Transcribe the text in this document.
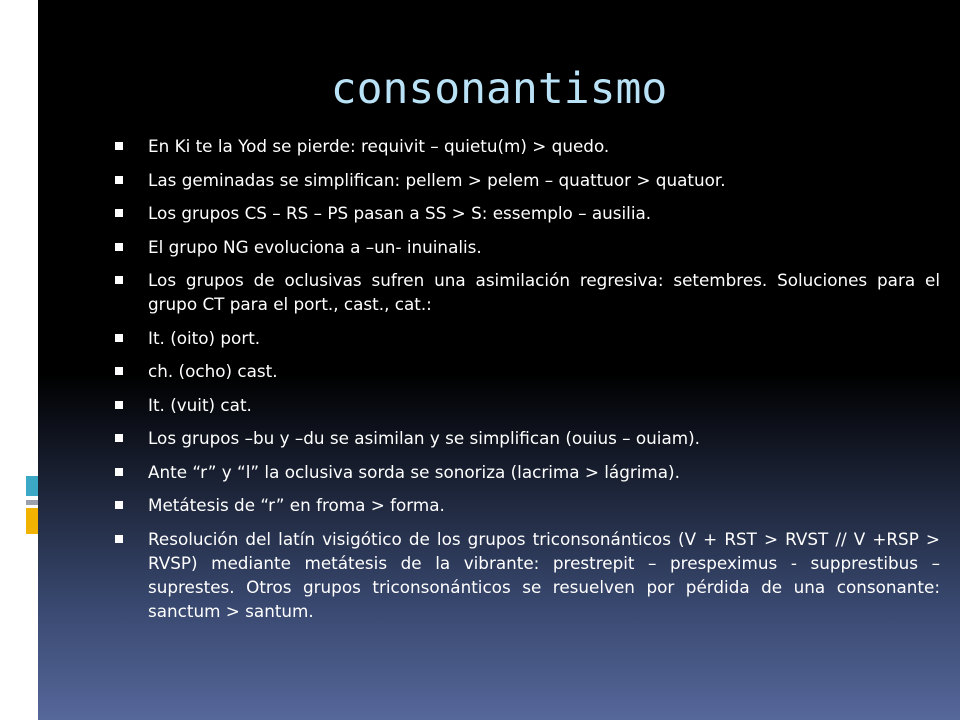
consonantismo
En Ki te la Yod se pierde: requivit – quietu(m) > quedo.
Las geminadas se simplifican: pellem > pelem – quattuor > quatuor.
Los grupos CS – RS – PS pasan a SS > S: essemplo – ausilia.
El grupo NG evoluciona a –un- inuinalis.
Los grupos de oclusivas sufren una asimilación regresiva: setembres. Soluciones para el grupo CT para el port., cast., cat.:
It. (oito) port.
ch. (ocho) cast.
It. (vuit) cat.
Los grupos –bu y –du se asimilan y se simplifican (ouius – ouiam).
Ante “r” y “l” la oclusiva sorda se sonoriza (lacrima > lágrima).
Metátesis de “r” en froma > forma.
Resolución del latín visigótico de los grupos triconsonánticos (V + RST > RVST // V +RSP > RVSP) mediante metátesis de la vibrante: prestrepit – prespeximus - supprestibus – suprestes. Otros grupos triconsonánticos se resuelven por pérdida de una consonante: sanctum > santum.
